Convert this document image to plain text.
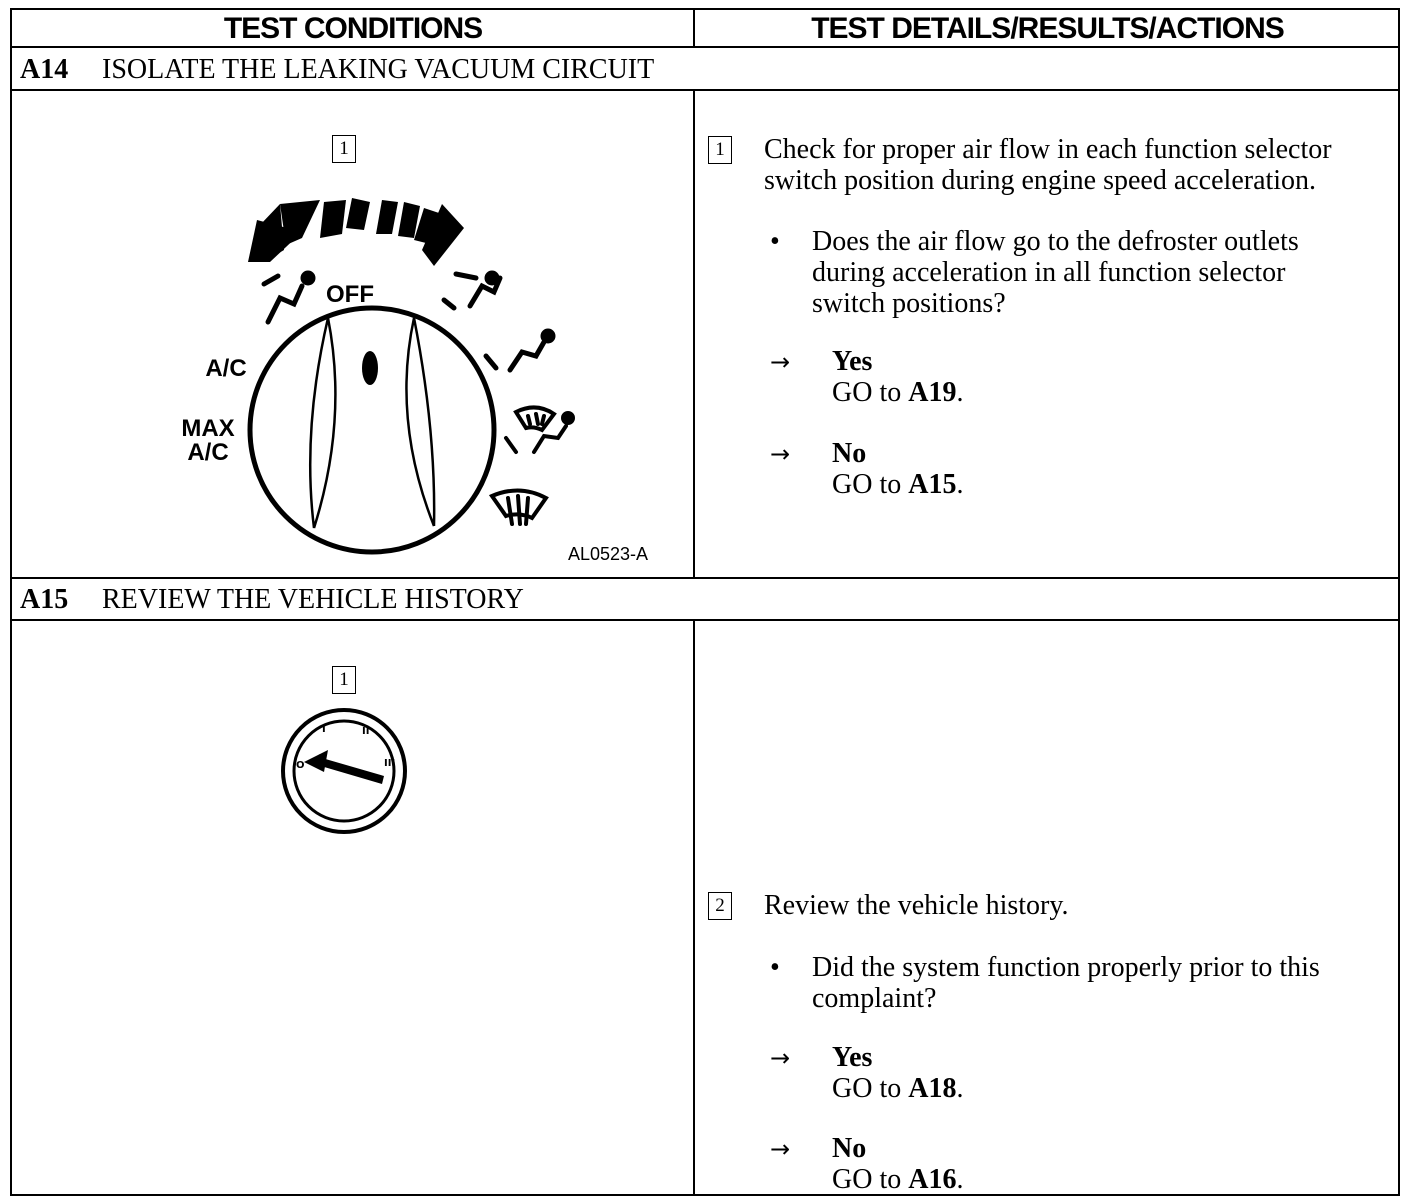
TEST CONDITIONS	TEST DETAILS/RESULTS/ACTIONS
A14 ISOLATE THE LEAKING VACUUM CIRCUIT
1
OFF
A/C
MAX
A/C
AL0523-A
1 Check for proper air flow in each function selector
switch position during engine speed acceleration.
• Does the air flow go to the defroster outlets
during acceleration in all function selector
switch positions?
→ Yes
GO to A19.
→ No
GO to A15.
A15 REVIEW THE VEHICLE HISTORY
1
O
I	II
III
2 Review the vehicle history.
• Did the system function properly prior to this
complaint?
→ Yes
GO to A18.
→ No
GO to A16.
